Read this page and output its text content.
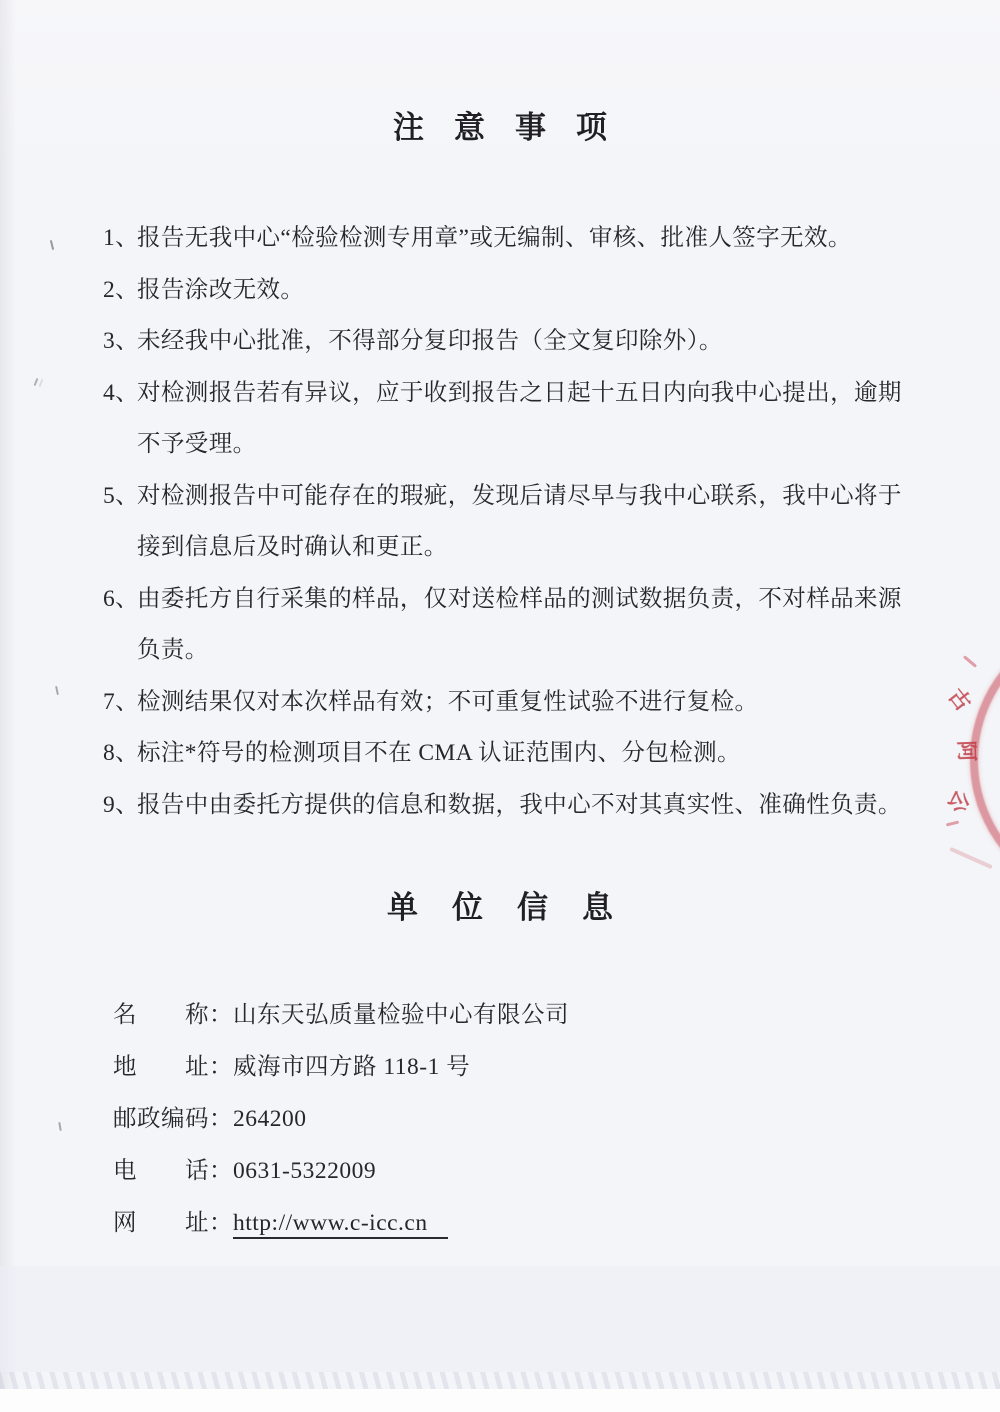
注意事项
1、
报告无我中心“检验检测专用章”或无编制、审核、批准人签字无效。
2、
报告涂改无效。
3、
未经我中心批准，不得部分复印报告（全文复印除外）。
4、
对检测报告若有异议，应于收到报告之日起十五日内向我中心提出，逾期
不予受理。
5、
对检测报告中可能存在的瑕疵，发现后请尽早与我中心联系，我中心将于
接到信息后及时确认和更正。
6、
由委托方自行采集的样品，仅对送检样品的测试数据负责，不对样品来源
负责。
7、
检测结果仅对本次样品有效；不可重复性试验不进行复检。
8、
标注*符号的检测项目不在 CMA 认证范围内、分包检测。
9、
报告中由委托方提供的信息和数据，我中心不对其真实性、准确性负责。
单位信息
名　　称：山东天弘质量检验中心有限公司
地　　址：威海市四方路 118-1 号
邮政编码：264200
电　　话：0631-5322009
网　　址：http://www.c-icc.cn
古
阿
公
